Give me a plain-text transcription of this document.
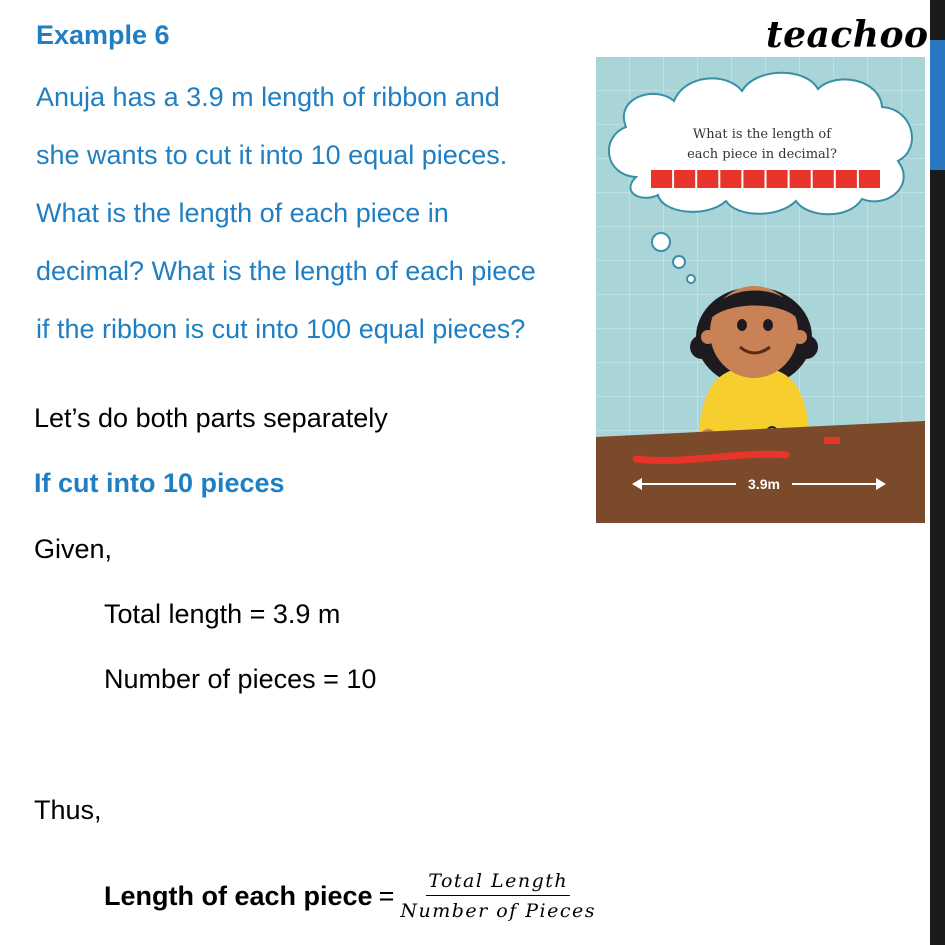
Example 6	teachoo
Anuja has a 3.9 m length of ribbon and
she wants to cut it into 10 equal pieces.
What is the length of each piece in
decimal? What is the length of each piece
if the ribbon is cut into 100 equal pieces?
What is the length of
each piece in decimal?
3.9m
Let’s do both parts separately
If cut into 10 pieces
Given,
Total length = 3.9 m
Number of pieces = 10
Thus,
Length of each piece = $\frac{\text{Total Length}}{\text{Number of Pieces}}$
